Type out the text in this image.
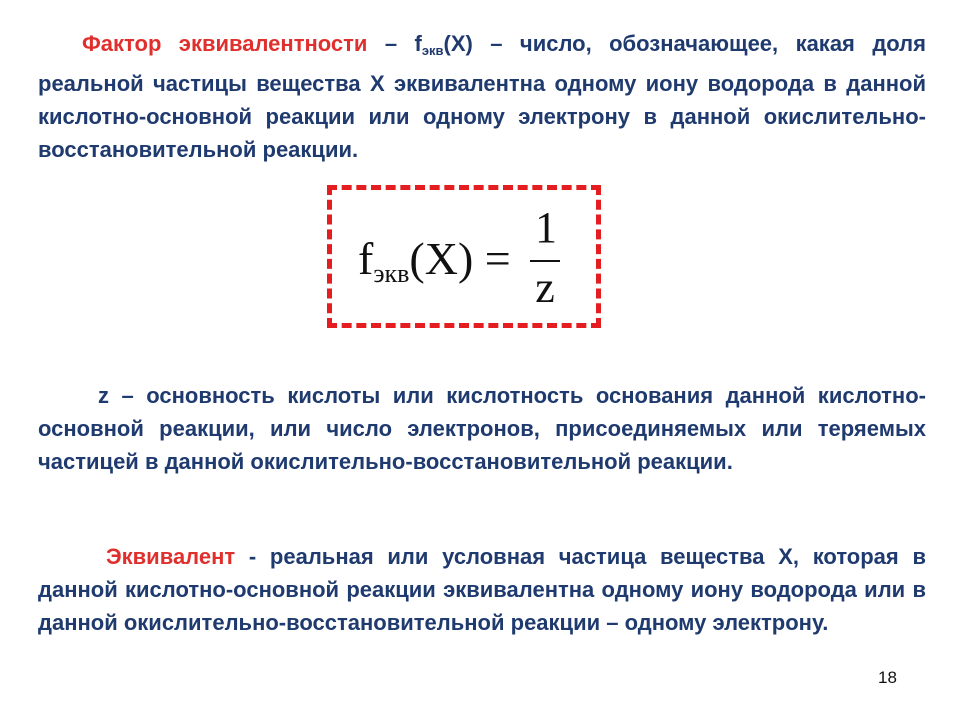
Фактор эквивалентности – $f_{экв}(X)$ – число, обозначающее, какая доля реальной частицы вещества X эквивалентна одному иону водорода в данной кислотно-основной реакции или одному электрону в данной окислительно-восстановительной реакции.
fэкв(X) =
1
z
z – основность кислоты или кислотность основания данной кислотно-основной реакции, или число электронов, присоединяемых или теряемых частицей в данной окислительно-восстановительной реакции.
Эквивалент - реальная или условная частица вещества X, которая в данной кислотно-основной реакции эквивалентна одному иону водорода или в данной окислительно-восстановительной реакции – одному электрону.
18
